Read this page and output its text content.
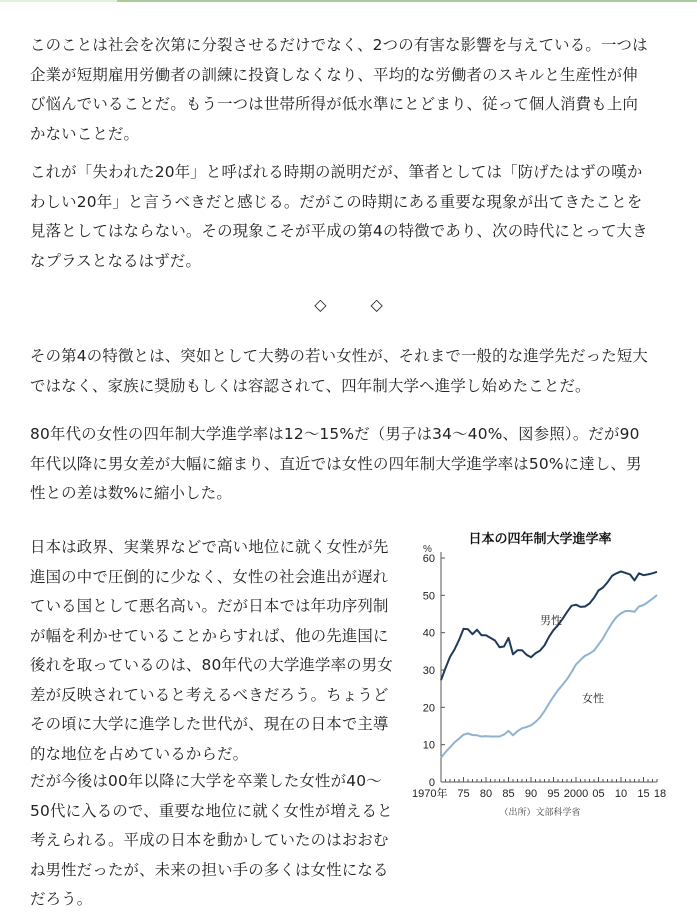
このことは社会を次第に分裂させるだけでなく、2つの有害な影響を与えている。一つは
企業が短期雇用労働者の訓練に投資しなくなり、平均的な労働者のスキルと生産性が伸
び悩んでいることだ。もう一つは世帯所得が低水準にとどまり、従って個人消費も上向
かないことだ。
これが「失われた20年」と呼ばれる時期の説明だが、筆者としては「防げたはずの嘆か
わしい20年」と言うべきだと感じる。だがこの時期にある重要な現象が出てきたことを
見落としてはならない。その現象こそが平成の第4の特徴であり、次の時代にとって大き
なプラスとなるはずだ。
◇	◇
その第4の特徴とは、突如として大勢の若い女性が、それまで一般的な進学先だった短大
ではなく、家族に奨励もしくは容認されて、四年制大学へ進学し始めたことだ。
80年代の女性の四年制大学進学率は12～15%だ（男子は34～40%、図参照）。だが90
年代以降に男女差が大幅に縮まり、直近では女性の四年制大学進学率は50%に達し、男
性との差は数%に縮小した。
日本は政界、実業界などで高い地位に就く女性が先
進国の中で圧倒的に少なく、女性の社会進出が遅れ
ている国として悪名高い。だが日本では年功序列制
が幅を利かせていることからすれば、他の先進国に
後れを取っているのは、80年代の大学進学率の男女
差が反映されていると考えるべきだろう。ちょうど
その頃に大学に進学した世代が、現在の日本で主導
的な地位を占めているからだ。
だが今後は00年以降に大学を卒業した女性が40～
50代に入るので、重要な地位に就く女性が増えると
考えられる。平成の日本を動かしていたのはおおむ
ね男性だったが、未来の担い手の多くは女性になる
だろう。
日本の四年制大学進学率
%
0
10
20
30
40
50
60
1970年 75 80 85 90 95 2000 05 10 15 18
男性
女性
（出所）文部科学省
